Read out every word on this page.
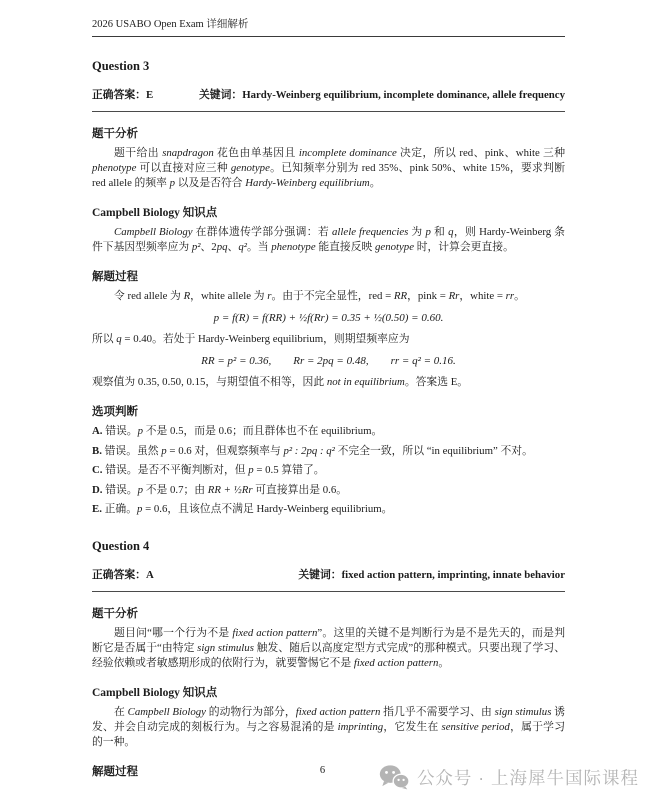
2026 USABO Open Exam 详细解析
Question 3
正确答案：E	关键词：Hardy-Weinberg equilibrium, incomplete dominance, allele frequency
题干分析

题干给出 snapdragon 花色由单基因且 incomplete dominance 决定，所以 red、pink、white 三种 phenotype 可以直接对应三种 genotype。已知频率分别为 red 35%、pink 50%、white 15%，要求判断 red allele 的频率 p 以及是否符合 Hardy-Weinberg equilibrium。

Campbell Biology 知识点

Campbell Biology 在群体遗传学部分强调：若 allele frequencies 为 p 和 q，则 Hardy-Weinberg 条件下基因型频率应为 p²、2pq、q²。当 phenotype 能直接反映 genotype 时，计算会更直接。

解题过程

令 red allele 为 R，white allele 为 r。由于不完全显性，red = RR，pink = Rr，white = rr。

p = f(R) = f(RR) + ½f(Rr) = 0.35 + ½(0.50) = 0.60.

所以 q = 0.40。若处于 Hardy-Weinberg equilibrium，则期望频率应为

RR = p² = 0.36,  Rr = 2pq = 0.48,  rr = q² = 0.16.

观察值为 0.35, 0.50, 0.15，与期望值不相等，因此 not in equilibrium。答案选 E。

选项判断

A. 错误。p 不是 0.5，而是 0.6；而且群体也不在 equilibrium。

B. 错误。虽然 p = 0.6 对，但观察频率与 p² : 2pq : q² 不完全一致，所以 “in equilibrium” 不对。

C. 错误。是否不平衡判断对，但 p = 0.5 算错了。

D. 错误。p 不是 0.7；由 RR + ½Rr 可直接算出是 0.6。

E. 正确。p = 0.6，且该位点不满足 Hardy-Weinberg equilibrium。

Question 4
正确答案：A	关键词：fixed action pattern, imprinting, innate behavior
题干分析

题目问“哪一个行为不是 fixed action pattern”。这里的关键不是判断行为是不是先天的，而是判断它是否属于“由特定 sign stimulus 触发、随后以高度定型方式完成”的那种模式。只要出现了学习、经验依赖或者敏感期形成的依附行为，就要警惕它不是 fixed action pattern。

Campbell Biology 知识点

在 Campbell Biology 的动物行为部分，fixed action pattern 指几乎不需要学习、由 sign stimulus 诱发、并会自动完成的刻板行为。与之容易混淆的是 imprinting，它发生在 sensitive period，属于学习的一种。

解题过程	6	公众号 · 上海犀牛国际课程
